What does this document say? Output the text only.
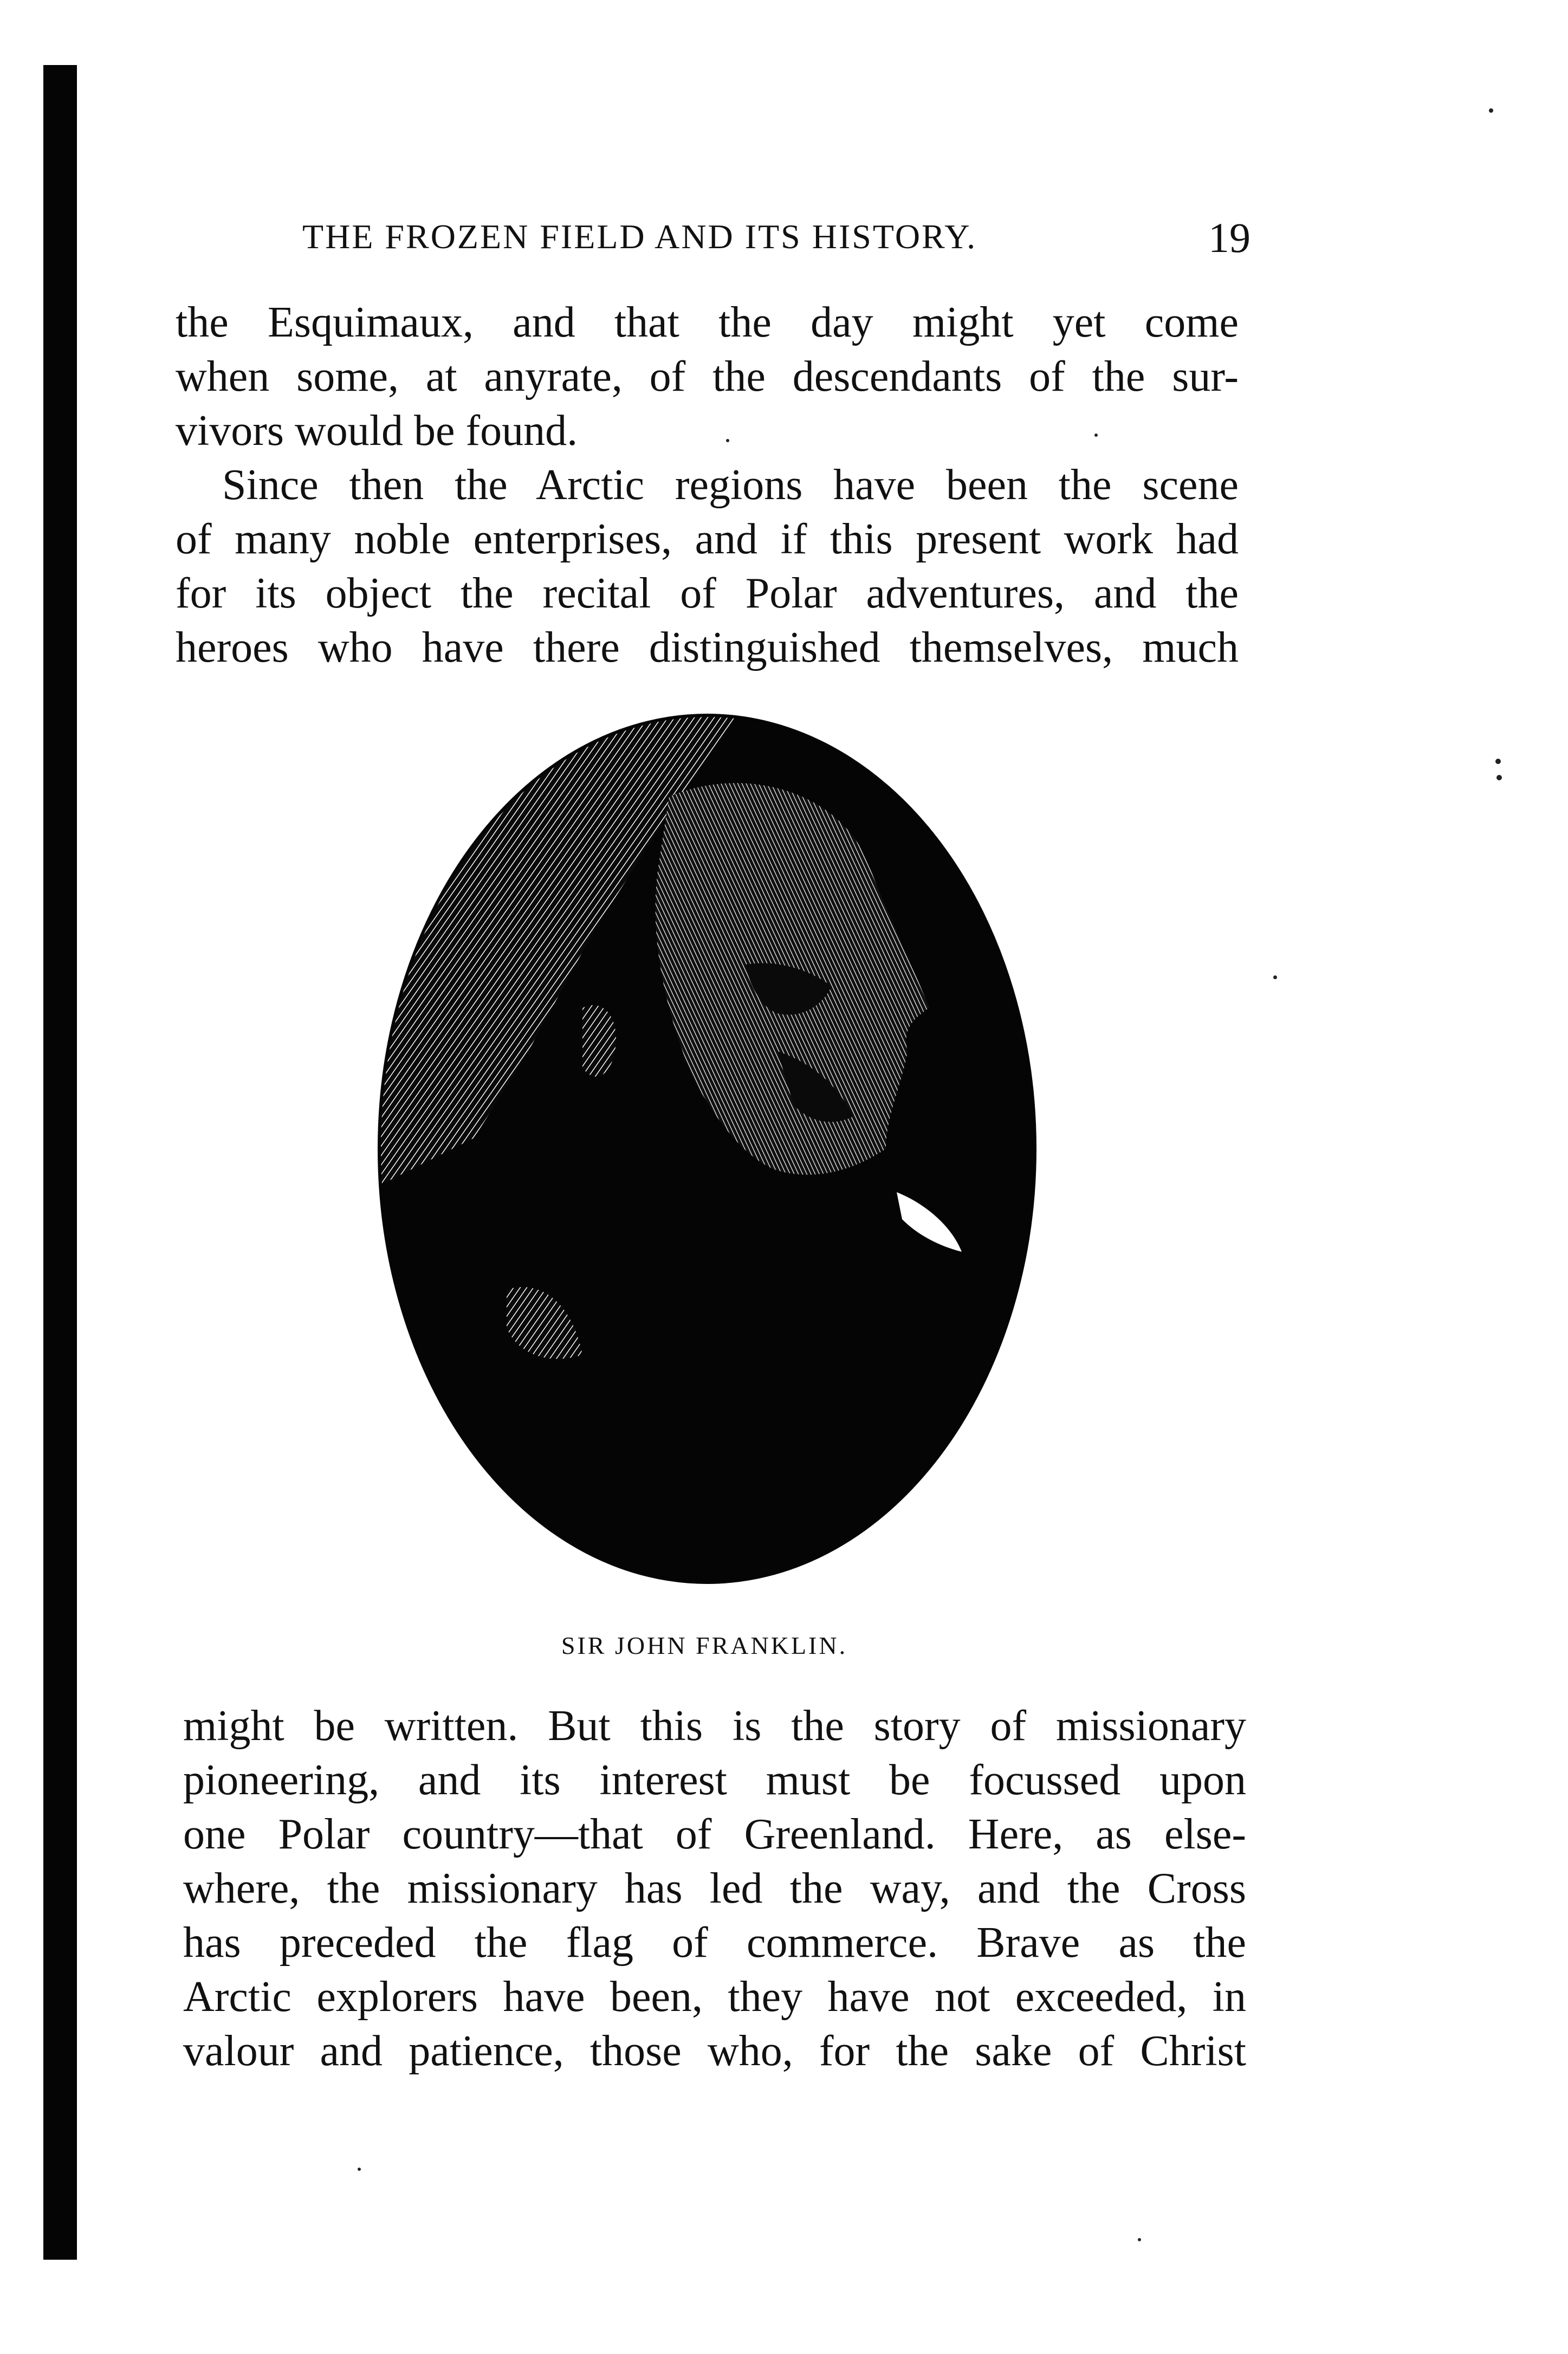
THE FROZEN FIELD AND ITS HISTORY.	19
the Esquimaux, and that the day might yet come
when some, at anyrate, of the descendants of the sur-
vivors would be found.
Since then the Arctic regions have been the scene
of many noble enterprises, and if this present work had
for its object the recital of Polar adventures, and the
heroes who have there distinguished themselves, much
SIR JOHN FRANKLIN.
might be written. But this is the story of missionary
pioneering, and its interest must be focussed upon
one Polar country—that of Greenland. Here, as else-
where, the missionary has led the way, and the Cross
has preceded the flag of commerce. Brave as the
Arctic explorers have been, they have not exceeded, in
valour and patience, those who, for the sake of Christ
